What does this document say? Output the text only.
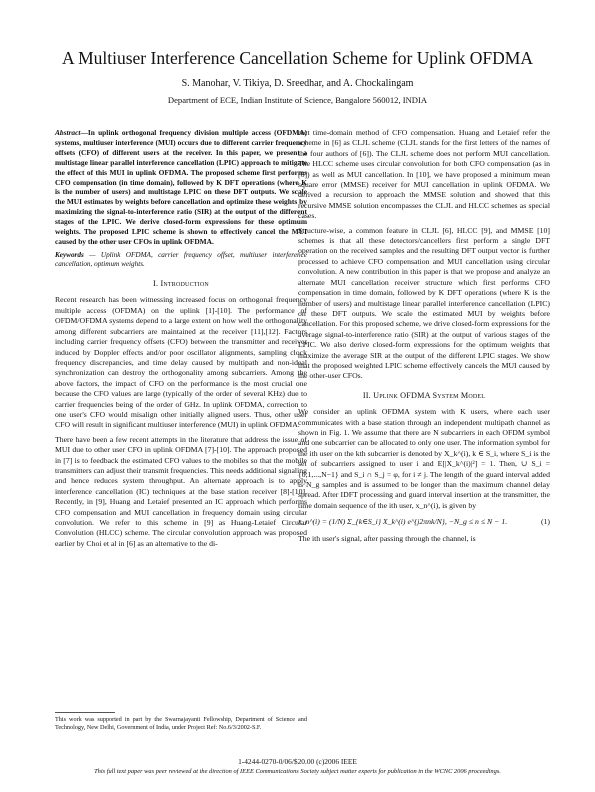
A Multiuser Interference Cancellation Scheme for Uplink OFDMA
S. Manohar, V. Tikiya, D. Sreedhar, and A. Chockalingam
Department of ECE, Indian Institute of Science, Bangalore 560012, INDIA

Abstract—In uplink orthogonal frequency division multiple access (OFDMA) systems, multiuser interference (MUI) occurs due to different carrier frequency offsets (CFO) of different users at the receiver. In this paper, we present a multistage linear parallel interference cancellation (LPIC) approach to mitigate the effect of this MUI in uplink OFDMA. The proposed scheme first performs CFO compensation (in time domain), followed by K DFT operations (where K is the number of users) and multistage LPIC on these DFT outputs. We scale the MUI estimates by weights before cancellation and optimize these weights by maximizing the signal-to-interference ratio (SIR) at the output of the different stages of the LPIC. We derive closed-form expressions for these optimum weights. The proposed LPIC scheme is shown to effectively cancel the MUI caused by the other user CFOs in uplink OFDMA.

Keywords — Uplink OFDMA, carrier frequency offset, multiuser interference cancellation, optimum weights.

I. Introduction

Recent research has been witnessing increased focus on orthogonal frequency multiple access (OFDMA) on the uplink [1]-[10]. The performance of OFDM/OFDMA systems depend to a large extent on how well the orthogonality among different subcarriers are maintained at the receiver [11],[12]. Factors including carrier frequency offsets (CFO) between the transmitter and receiver induced by Doppler effects and/or poor oscillator alignments, sampling clock frequency discrepancies, and time delay caused by multipath and non-ideal synchronization can destroy the orthogonality among subcarriers. Among the above factors, the impact of CFO on the performance is the most crucial one because the CFO values are large (typically of the order of several KHz) due to carrier frequencies being of the order of GHz. In uplink OFDMA, correction to one user's CFO would misalign other initially aligned users. Thus, other user CFO will result in significant multiuser interference (MUI) in uplink OFDMA.

There have been a few recent attempts in the literature that address the issue of MUI due to other user CFO in uplink OFDMA [7]-[10]. The approach proposed in [7] is to feedback the estimated CFO values to the mobiles so that the mobile transmitters can adjust their transmit frequencies. This needs additional signaling and hence reduces system throughput. An alternate approach is to apply interference cancellation (IC) techniques at the base station receiver [8]-[10]. Recently, in [9], Huang and Letaief presented an IC approach which performs CFO compensation and MUI cancellation in frequency domain using circular convolution. We refer to this scheme in [9] as Huang-Letaief Circular Convolution (HLCC) scheme. The circular convolution approach was proposed earlier by Choi et al in [6] as an alternative to the di-

rect time-domain method of CFO compensation. Huang and Letaief refer the scheme in [6] as CLJL scheme (CLJL stands for the first letters of the names of the four authors of [6]). The CLJL scheme does not perform MUI cancellation. The HLCC scheme uses circular convolution for both CFO compensation (as in [6]) as well as MUI cancellation. In [10], we have proposed a minimum mean square error (MMSE) receiver for MUI cancellation in uplink OFDMA. We derived a recursion to approach the MMSE solution and showed that this recursive MMSE solution encompasses the CLJL and HLCC schemes as special cases.

Structure-wise, a common feature in CLJL [6], HLCC [9], and MMSE [10] schemes is that all these detectors/cancellers first perform a single DFT operation on the received samples and the resulting DFT output vector is further processed to achieve CFO compensation and MUI cancellation using circular convolution. A new contribution in this paper is that we propose and analyze an alternate MUI cancellation receiver structure which first performs CFO compensation in time domain, followed by K DFT operations (where K is the number of users) and multistage linear parallel interference cancellation (LPIC) on these DFT outputs. We scale the estimated MUI by weights before cancellation. For this proposed scheme, we drive closed-form expressions for the average signal-to-interference ratio (SIR) at the output of various stages of the LPIC. We also derive closed-form expressions for the optimum weights that maximize the average SIR at the output of the different LPIC stages. We show that the proposed weighted LPIC scheme effectively cancels the MUI caused by the other-user CFOs.

II. Uplink OFDMA System Model

We consider an uplink OFDMA system with K users, where each user communicates with a base station through an independent multipath channel as shown in Fig. 1. We assume that there are N subcarriers in each OFDM symbol and one subcarrier can be allocated to only one user. The information symbol for the ith user on the kth subcarrier is denoted by X_k^(i), k ∈ S_i, where S_i is the set of subcarriers assigned to user i and E[|X_k^(i)|²] = 1. Then, ∪ S_i = {0,1,...,N−1} and S_i ∩ S_j = φ, for i ≠ j. The length of the guard interval added is N_g samples and is assumed to be longer than the maximum channel delay spread. After IDFT processing and guard interval insertion at the transmitter, the time domain sequence of the ith user, x_n^(i), is given by

x_n^(i) = (1/N) Σ_{k∈S_i} X_k^(i) e^{j2πnk/N}, −N_g ≤ n ≤ N − 1.	(1)

The ith user's signal, after passing through the channel, is

This work was supported in part by the Swarnajayanti Fellowship, Department of Science and Technology, New Delhi, Government of India, under Project Ref: No.6/3/2002-S.F.
1-4244-0270-0/06/$20.00 (c)2006 IEEE
This full text paper was peer reviewed at the direction of IEEE Communications Society subject matter experts for publication in the WCNC 2006 proceedings.
